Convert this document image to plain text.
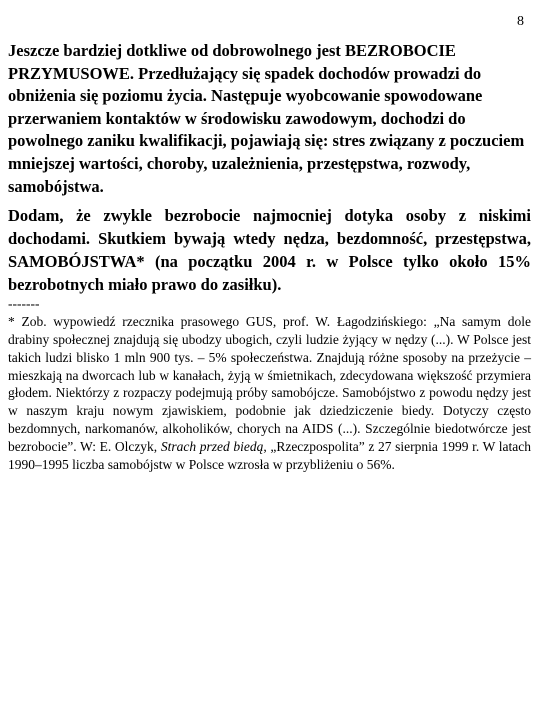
8

Jeszcze bardziej dotkliwe od dobrowolnego jest BEZROBOCIE PRZYMUSOWE. Przedłużający się spadek dochodów prowadzi do obniżenia się poziomu życia. Następuje wyobcowanie spowodowane przerwaniem kontaktów w środowisku zawodowym, dochodzi do powolnego zaniku kwalifikacji, pojawiają się: stres związany z poczuciem mniejszej wartości, choroby, uzależnienia, przestępstwa, rozwody, samobójstwa.

Dodam, że zwykle bezrobocie najmocniej dotyka osoby z niskimi dochodami. Skutkiem bywają wtedy nędza, bezdomność, przestępstwa, SAMOBÓJSTWA* (na początku 2004 r. w Polsce tylko około 15% bezrobotnych miało prawo do zasiłku).

-------

* Zob. wypowiedź rzecznika prasowego GUS, prof. W. Łagodzińskiego: „Na samym dole drabiny społecznej znajdują się ubodzy ubogich, czyli ludzie żyjący w nędzy (...). W Polsce jest takich ludzi blisko 1 mln 900 tys. – 5% społeczeństwa. Znajdują różne sposoby na przeżycie – mieszkają na dworcach lub w kanałach, żyją w śmietnikach, zdecydowana większość przymiera głodem. Niektórzy z rozpaczy podejmują próby samobójcze. Samobójstwo z powodu nędzy jest w naszym kraju nowym zjawiskiem, podobnie jak dziedziczenie biedy. Dotyczy często bezdomnych, narkomanów, alkoholików, chorych na AIDS (...). Szczególnie biedotwórcze jest bezrobocie”. W: E. Olczyk, Strach przed biedą, „Rzeczpospolita” z 27 sierpnia 1999 r. W latach 1990–1995 liczba samobójstw w Polsce wzrosła w przybliżeniu o 56%.
